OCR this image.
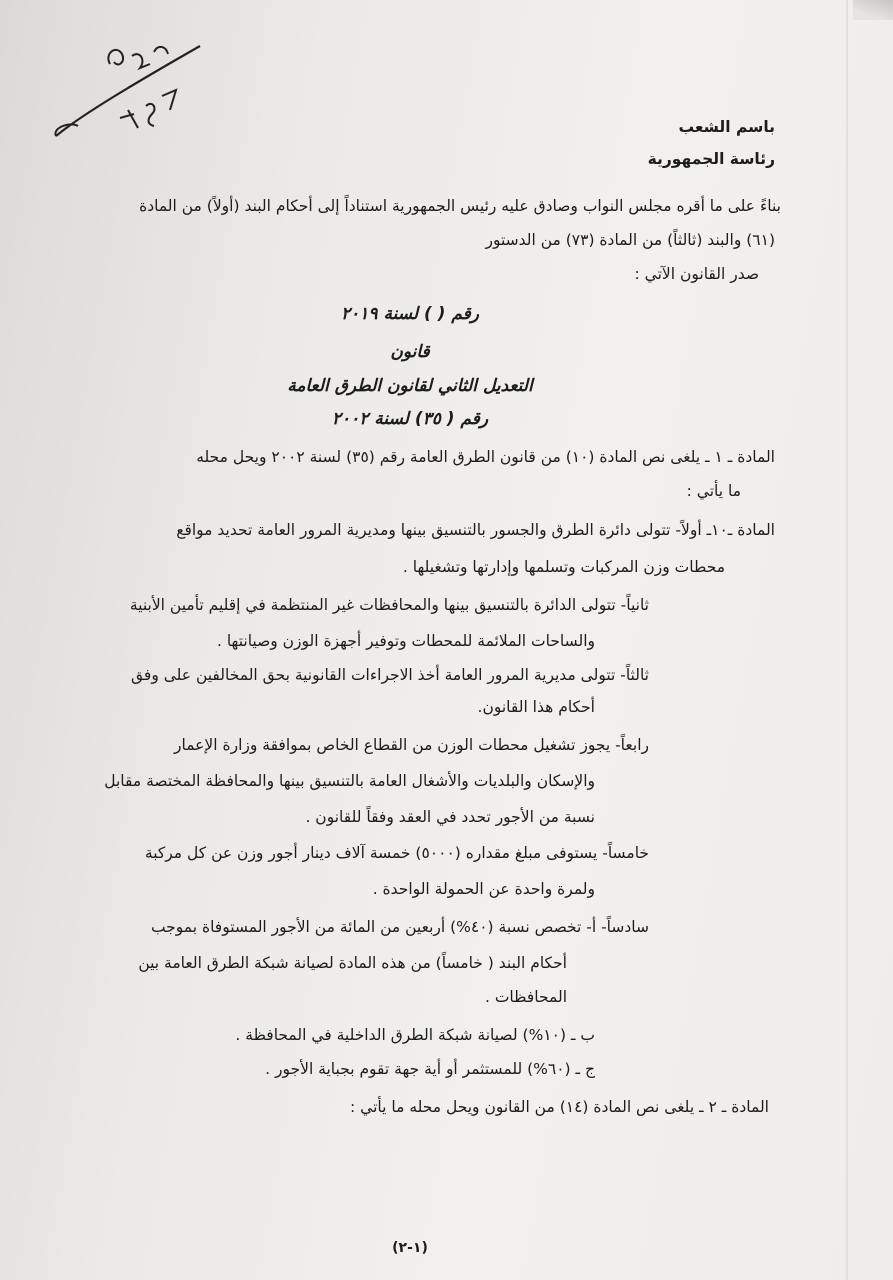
باسم الشعب
رئاسة الجمهورية
بناءً على ما أقره مجلس النواب وصادق عليه رئيس الجمهورية استناداً إلى أحكام البند (أولاً) من المادة
(٦١) والبند (ثالثاً) من المادة (٧٣) من الدستور
صدر القانون الآتي :
رقم ( ) لسنة ٢٠١٩
قانون
التعديل الثاني لقانون الطرق العامة
رقم ( ٣٥) لسنة ٢٠٠٢
المادة ـ ١ ـ يلغى نص المادة (١٠) من قانون الطرق العامة رقم (٣٥) لسنة ٢٠٠٢ ويحل محله
ما يأتي :
المادة ـ١٠ـ أولاً- تتولى دائرة الطرق والجسور بالتنسيق بينها ومديرية المرور العامة تحديد مواقع
محطات وزن المركبات وتسلمها وإدارتها وتشغيلها .
ثانياً- تتولى الدائرة بالتنسيق بينها والمحافظات غير المنتظمة في إقليم تأمين الأبنية
والساحات الملائمة للمحطات وتوفير أجهزة الوزن وصيانتها .
ثالثاً- تتولى مديرية المرور العامة أخذ الاجراءات القانونية بحق المخالفين على وفق
أحكام هذا القانون.
رابعاً- يجوز تشغيل محطات الوزن من القطاع الخاص بموافقة وزارة الإعمار
والإسكان والبلديات والأشغال العامة بالتنسيق بينها والمحافظة المختصة مقابل
نسبة من الأجور تحدد في العقد وفقاً للقانون .
خامساً- يستوفى مبلغ مقداره (٥٠٠٠) خمسة آلاف دينار أجور وزن عن كل مركبة
ولمرة واحدة عن الحمولة الواحدة .
سادساً- أ- تخصص نسبة (٤٠%) أربعين من المائة من الأجور المستوفاة بموجب
أحكام البند ( خامساً) من هذه المادة لصيانة شبكة الطرق العامة بين
المحافظات .
ب ـ (١٠%) لصيانة شبكة الطرق الداخلية في المحافظة .
ج ـ (٦٠%) للمستثمر أو أية جهة تقوم بجباية الأجور .
المادة ـ ٢ ـ يلغى نص المادة (١٤) من القانون ويحل محله ما يأتي :
(١-٢)
